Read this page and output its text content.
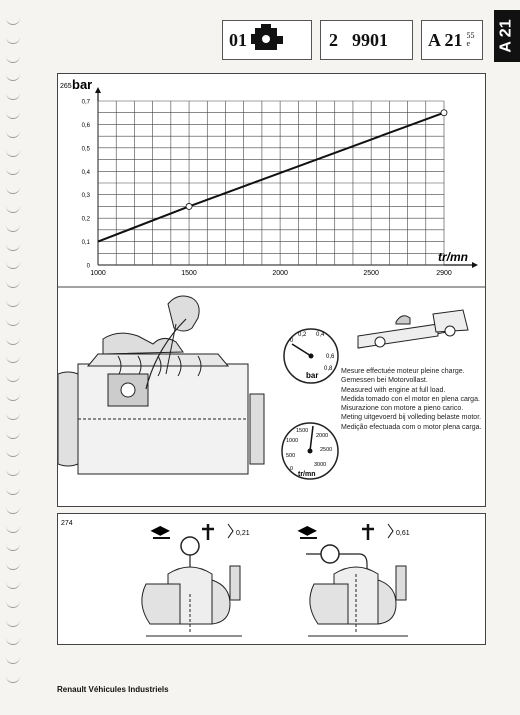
01	2 9901 A 21 55
e A 21
1000	1500	2000	2500	2900
0
0,1
0,2
0,3
0,4
0,5
0,6
0,7
265 bar
tr/mn
0
0,2 0,4
0,6
0,8
bar
0
500
1000
1500
2000
2500
3000
tr/mn
Mesure effectuée moteur pleine charge.
Gemessen bei Motorvollast.
Measured with engine at full load.
Medida tomado con el motor en plena carga.
Misurazione con motore a pieno carico.
Meting uitgevoerd bij volleding belaste motor.
Medição efectuada com o motor plena carga.
274	◀▶	0,21	◀▶	0,61
Renault Véhicules Industriels
